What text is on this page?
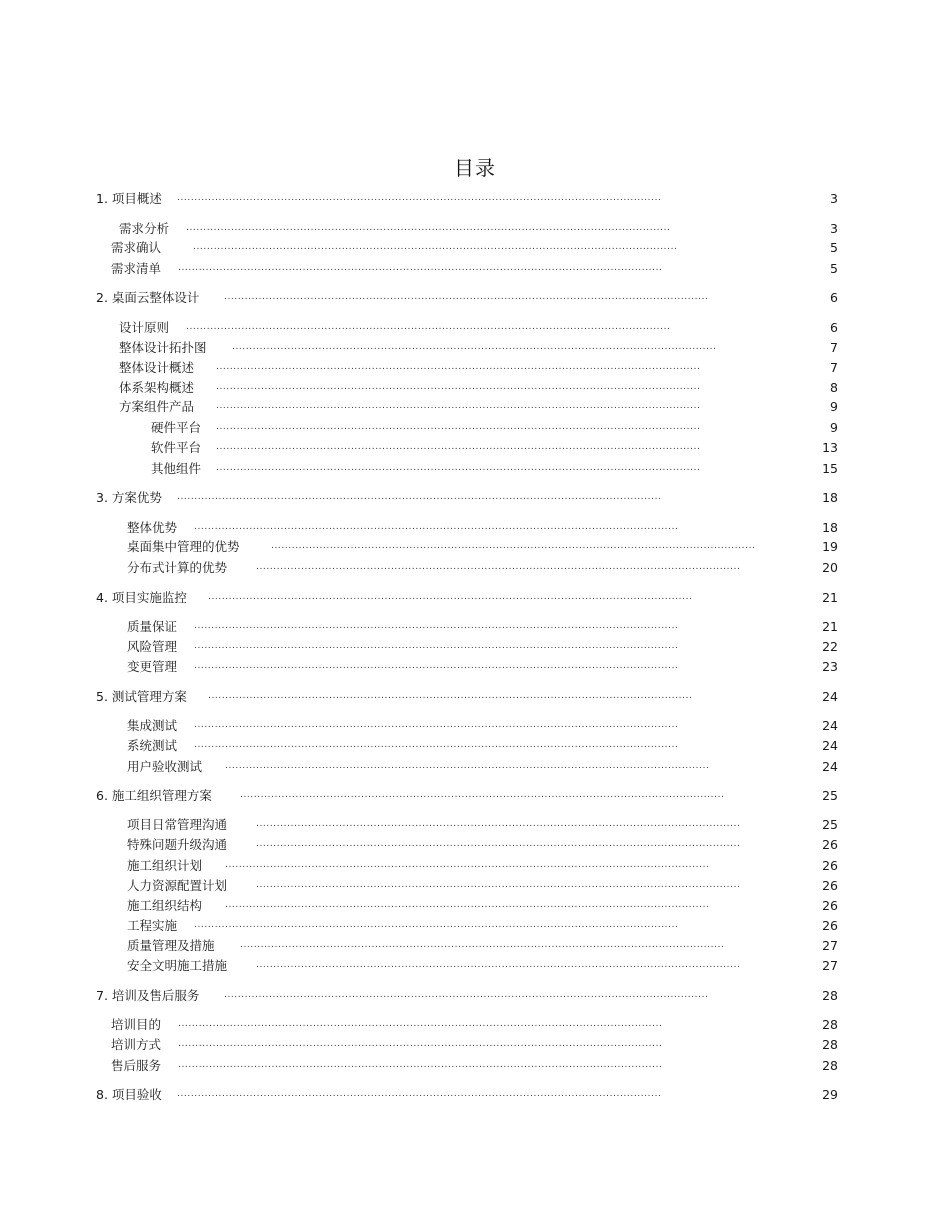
目录
1. 项目概述 ............................................................................................................................................	3
需求分析 ............................................................................................................................................	3
需求确认	............................................................................................................................................	5
需求清单 ............................................................................................................................................	5
2. 桌面云整体设计	............................................................................................................................................	6
设计原则 ............................................................................................................................................	6
整体设计拓扑图	............................................................................................................................................	7
整体设计概述 ............................................................................................................................................	7
体系架构概述 ............................................................................................................................................	8
方案组件产品 ............................................................................................................................................	9
硬件平台 ............................................................................................................................................	9
软件平台 ............................................................................................................................................	13
其他组件 ............................................................................................................................................	15
3. 方案优势 ............................................................................................................................................	18
整体优势 ............................................................................................................................................	18
桌面集中管理的优势	............................................................................................................................................	19
分布式计算的优势	............................................................................................................................................	20
4. 项目实施监控 ............................................................................................................................................	21
质量保证 ............................................................................................................................................	21
风险管理 ............................................................................................................................................	22
变更管理 ............................................................................................................................................	23
5. 测试管理方案 ............................................................................................................................................	24
集成测试 ............................................................................................................................................	24
系统测试 ............................................................................................................................................	24
用户验收测试	............................................................................................................................................	24
6. 施工组织管理方案	............................................................................................................................................	25
项目日常管理沟通	............................................................................................................................................	25
特殊问题升级沟通	............................................................................................................................................	26
施工组织计划	............................................................................................................................................	26
人力资源配置计划	............................................................................................................................................	26
施工组织结构	............................................................................................................................................	26
工程实施 ............................................................................................................................................	26
质量管理及措施	............................................................................................................................................	27
安全文明施工措施	............................................................................................................................................	27
7. 培训及售后服务	............................................................................................................................................	28
培训目的 ............................................................................................................................................	28
培训方式 ............................................................................................................................................	28
售后服务 ............................................................................................................................................	28
8. 项目验收 ............................................................................................................................................	29
